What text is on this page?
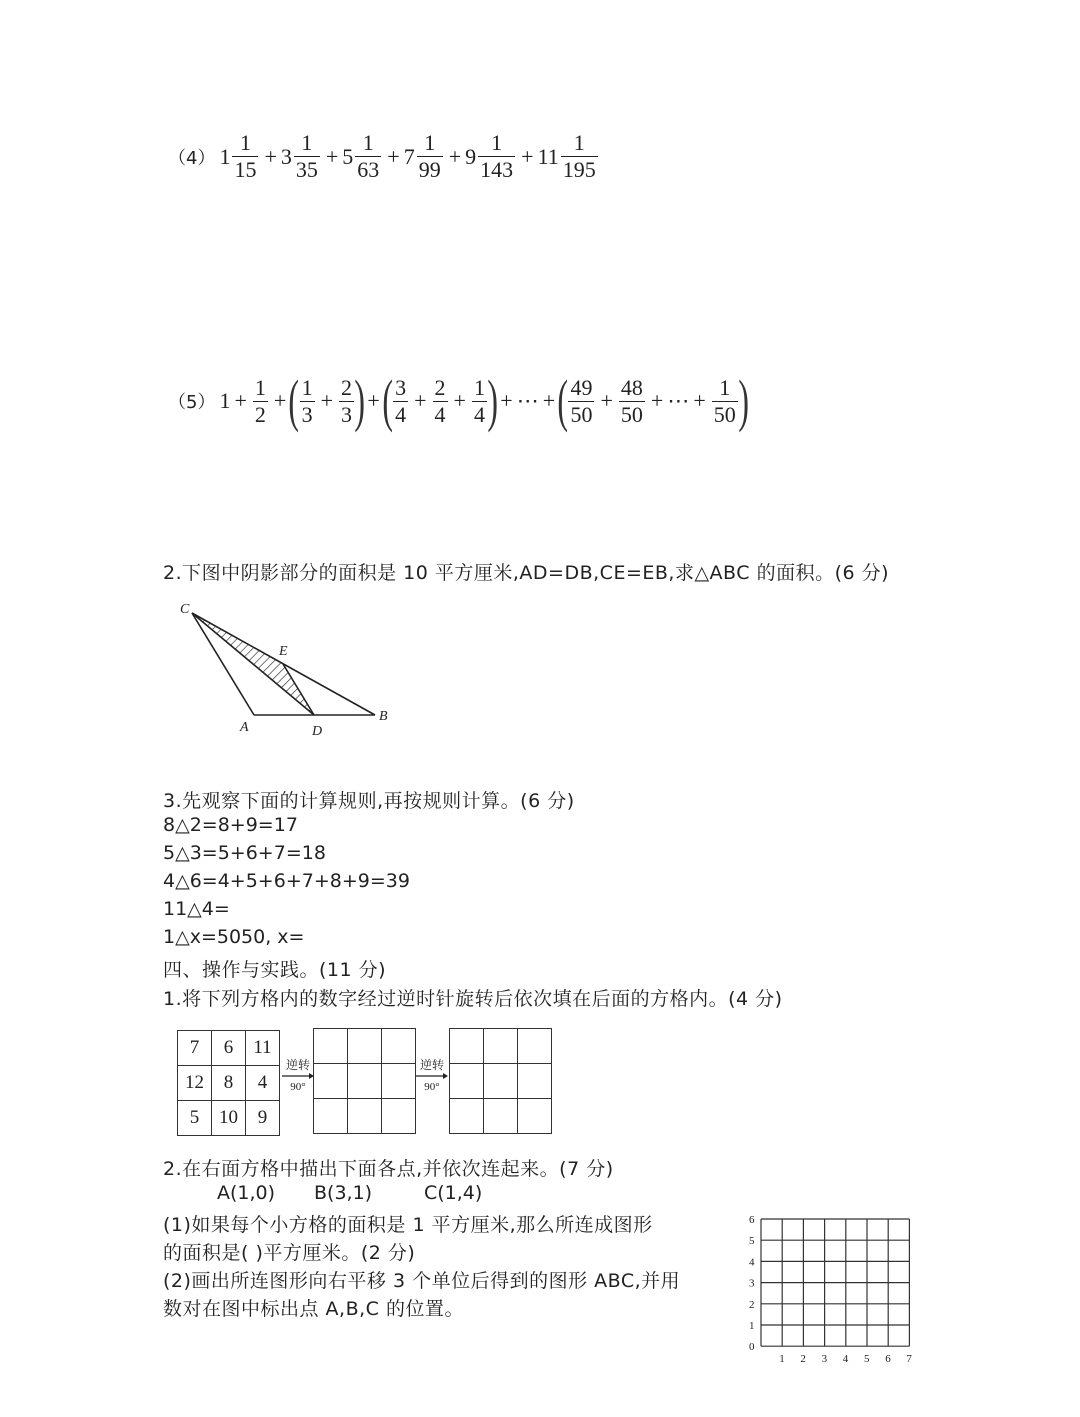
（4） $1 \frac{1}{15} + 3 \frac{1}{35} + 5 \frac{1}{63} + 7 \frac{1}{99} + 9 \frac{1}{143} + 11 \frac{1}{195}$
（5） $1 + \frac{1}{2}$ + ( $\frac{1}{3} + \frac{2}{3}$ ) + ( $\frac{3}{4} + \frac{2}{4} + \frac{1}{4}$ ) + ⋯ + ( $\frac{49}{50} + \frac{48}{50}$ + ⋯ + $\frac{1}{50}$ )
2.下图中阴影部分的面积是 10 平方厘米,AD=DB,CE=EB,求△ABC 的面积。(6 分)
C
E
A	D
B
3.先观察下面的计算规则,再按规则计算。(6 分)
8△2=8+9=17
5△3=5+6+7=18
4△6=4+5+6+7+8+9=39
11△4=
1△x=5050, x=
四、操作与实践。(11 分)
1.将下列方格内的数字经过逆时针旋转后依次填在后面的方格内。(4 分)
7	6	11
12	8	4
5	10	9
逆转
90°

逆转
90°

2.在右面方格中描出下面各点,并依次连起来。(7 分)
A(1,0) B(3,1)	C(1,4)
(1)如果每个小方格的面积是 1 平方厘米,那么所连成图形
的面积是( )平方厘米。(2 分)
(2)画出所连图形向右平移 3 个单位后得到的图形 ABC,并用
数对在图中标出点 A,B,C 的位置。
1 2 3 4 5 6 7
0
1
2
3
4
5
6
